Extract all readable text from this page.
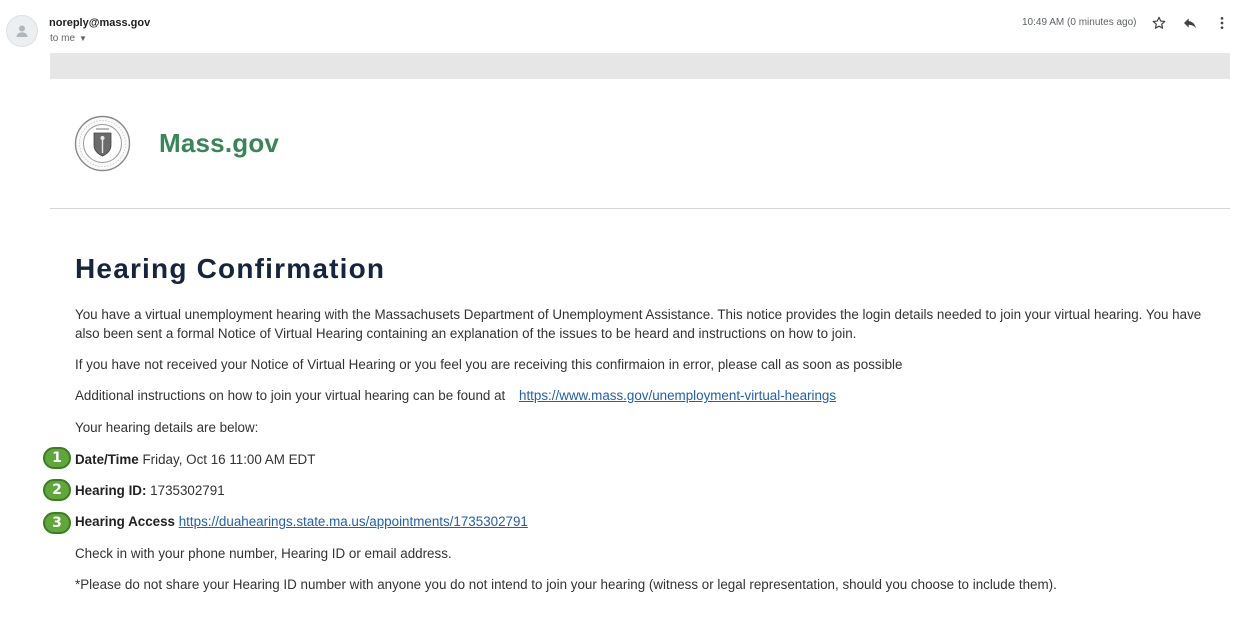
noreply@mass.gov
to me ▼
10:49 AM (0 minutes ago)
Mass.gov
Hearing Confirmation
You have a virtual unemployment hearing with the Massachusets Department of Unemployment Assistance. This notice provides the login details needed to join your virtual hearing. You have also been sent a formal Notice of Virtual Hearing containing an explanation of the issues to be heard and instructions on how to join.
If you have not received your Notice of Virtual Hearing or you feel you are receiving this confirmaion in error, please call as soon as possible
Additional instructions on how to join your virtual hearing can be found at https://www.mass.gov/unemployment-virtual-hearings
Your hearing details are below:
1 Date/Time Friday, Oct 16 11:00 AM EDT
2 Hearing ID: 1735302791
3 Hearing Access https://duahearings.state.ma.us/appointments/1735302791
Check in with your phone number, Hearing ID or email address.
*Please do not share your Hearing ID number with anyone you do not intend to join your hearing (witness or legal representation, should you choose to include them).
